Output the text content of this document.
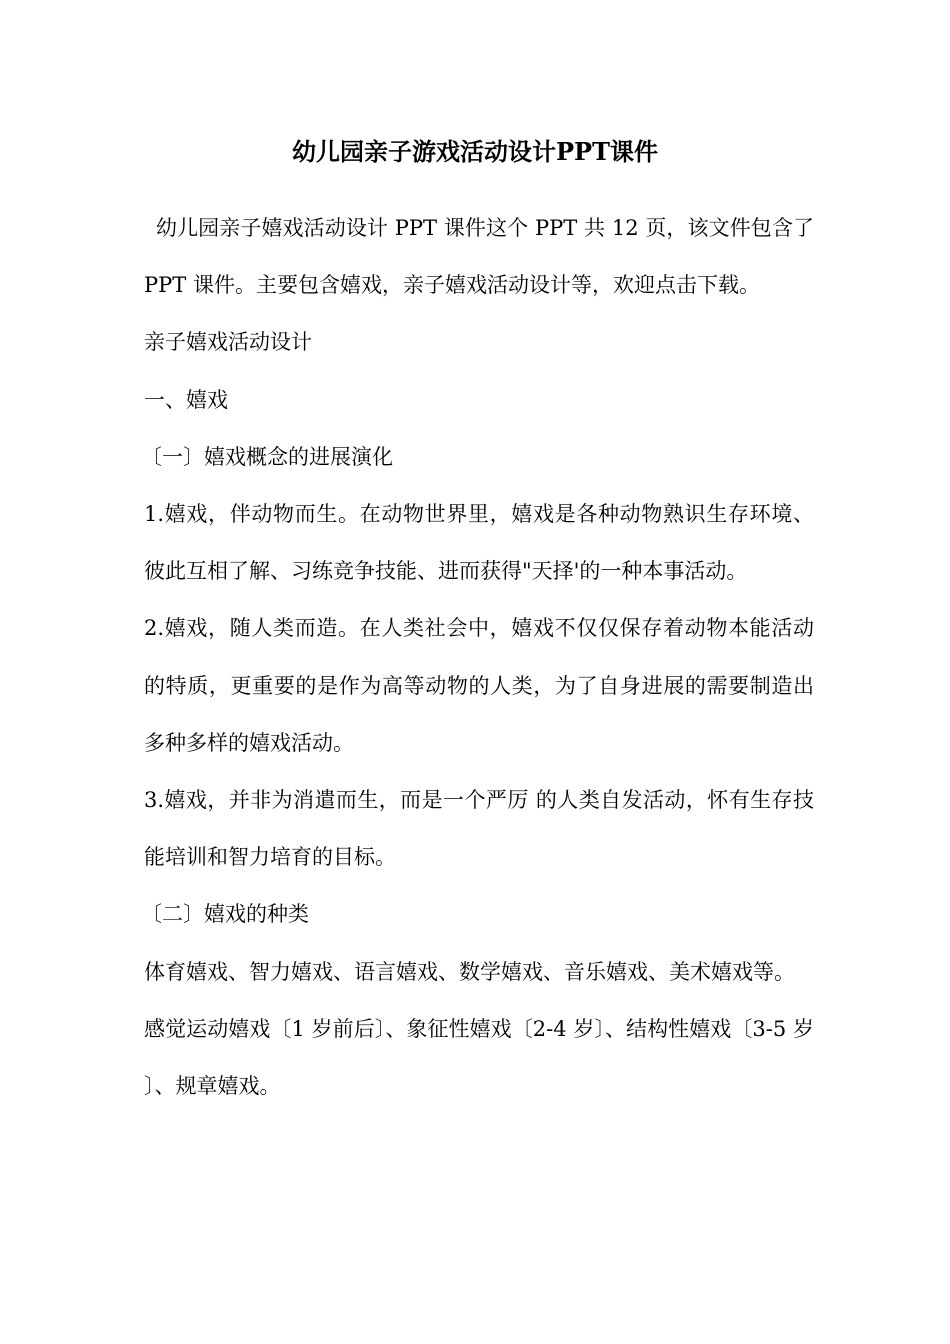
幼儿园亲子游戏活动设计PPT课件

幼儿园亲子嬉戏活动设计 PPT 课件这个 PPT 共 12 页，该文件包含了 PPT 课件。主要包含嬉戏，亲子嬉戏活动设计等，欢迎点击下载。

亲子嬉戏活动设计

一、嬉戏

〔一〕嬉戏概念的进展演化

1.嬉戏，伴动物而生。在动物世界里，嬉戏是各种动物熟识生存环境、彼此互相了解、习练竞争技能、进而获得"天择'的一种本事活动。

2.嬉戏，随人类而造。在人类社会中，嬉戏不仅仅保存着动物本能活动的特质，更重要的是作为高等动物的人类，为了自身进展的需要制造出多种多样的嬉戏活动。

3.嬉戏，并非为消遣而生，而是一个严厉 的人类自发活动，怀有生存技能培训和智力培育的目标。

〔二〕嬉戏的种类

体育嬉戏、智力嬉戏、语言嬉戏、数学嬉戏、音乐嬉戏、美术嬉戏等。

感觉运动嬉戏〔1 岁前后〕、象征性嬉戏〔2-4 岁〕、结构性嬉戏〔3-5 岁 〕、规章嬉戏。
